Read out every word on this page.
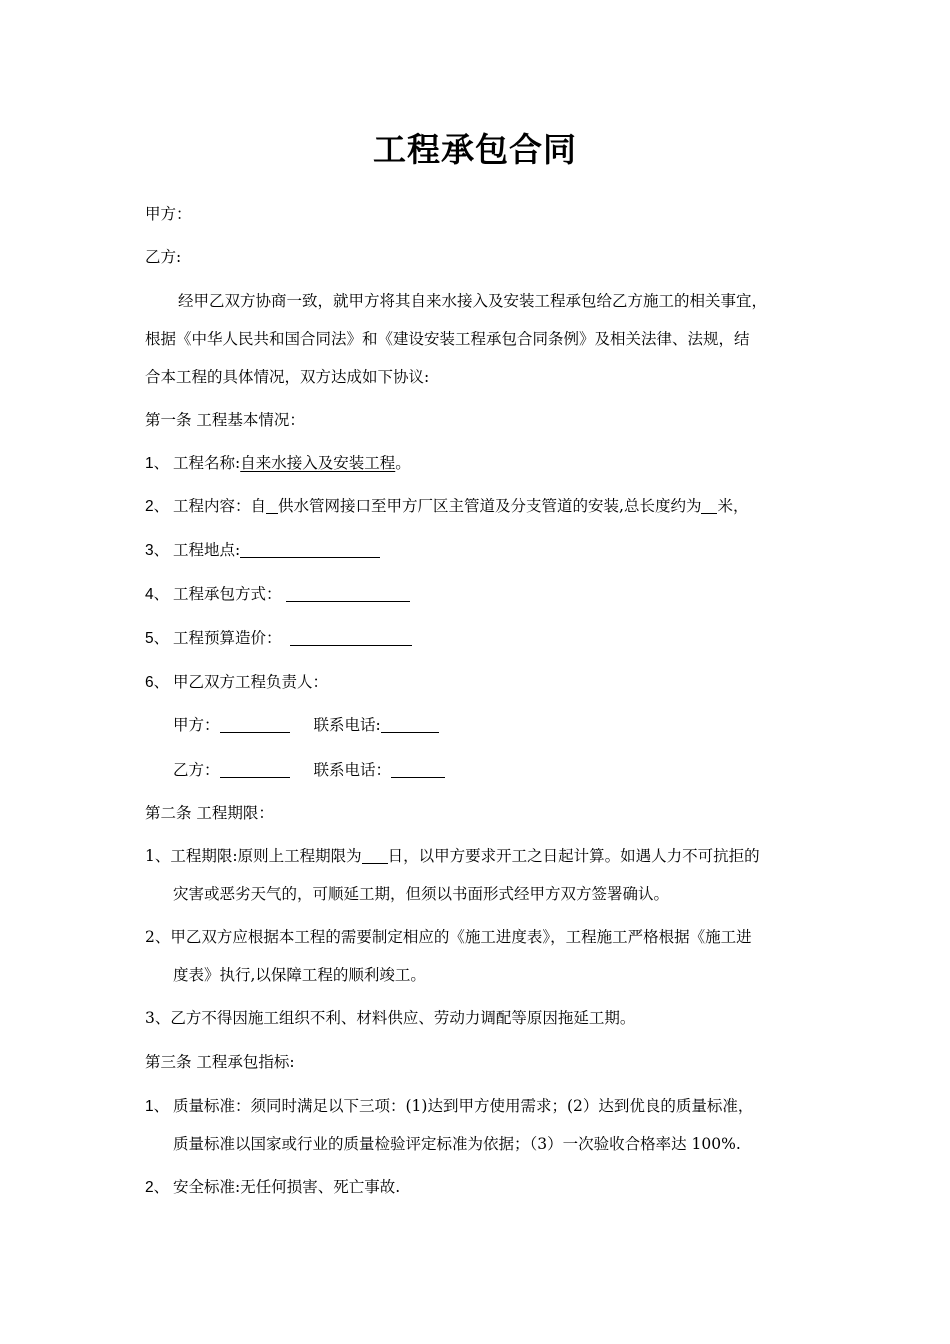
工程承包合同
甲方：
乙方:
经甲乙双方协商一致，就甲方将其自来水接入及安装工程承包给乙方施工的相关事宜，
根据《中华人民共和国合同法》和《建设安装工程承包合同条例》及相关法律、法规，结
合本工程的具体情况，双方达成如下协议:
第一条 工程基本情况：
1、 工程名称:自来水接入及安装工程。
2、 工程内容：自 供水管网接口至甲方厂区主管道及分支管道的安装,总长度约为 米，
3、 工程地点:
4、 工程承包方式：
5、 工程预算造价：
6、 甲乙双方工程负责人：
甲方：	联系电话:
乙方：	联系电话：
第二条 工程期限：
1、工程期限:原则上工程期限为 日，以甲方要求开工之日起计算。如遇人力不可抗拒的
灾害或恶劣天气的，可顺延工期，但须以书面形式经甲方双方签署确认。
2、甲乙双方应根据本工程的需要制定相应的《施工进度表》，工程施工严格根据《施工进
度表》执行,以保障工程的顺利竣工。
3、乙方不得因施工组织不利、材料供应、劳动力调配等原因拖延工期。
第三条 工程承包指标:
1、 质量标准：须同时满足以下三项：(1)达到甲方使用需求；(2）达到优良的质量标准，
质量标准以国家或行业的质量检验评定标准为依据；（3）一次验收合格率达 100%.
2、 安全标准:无任何损害、死亡事故.
